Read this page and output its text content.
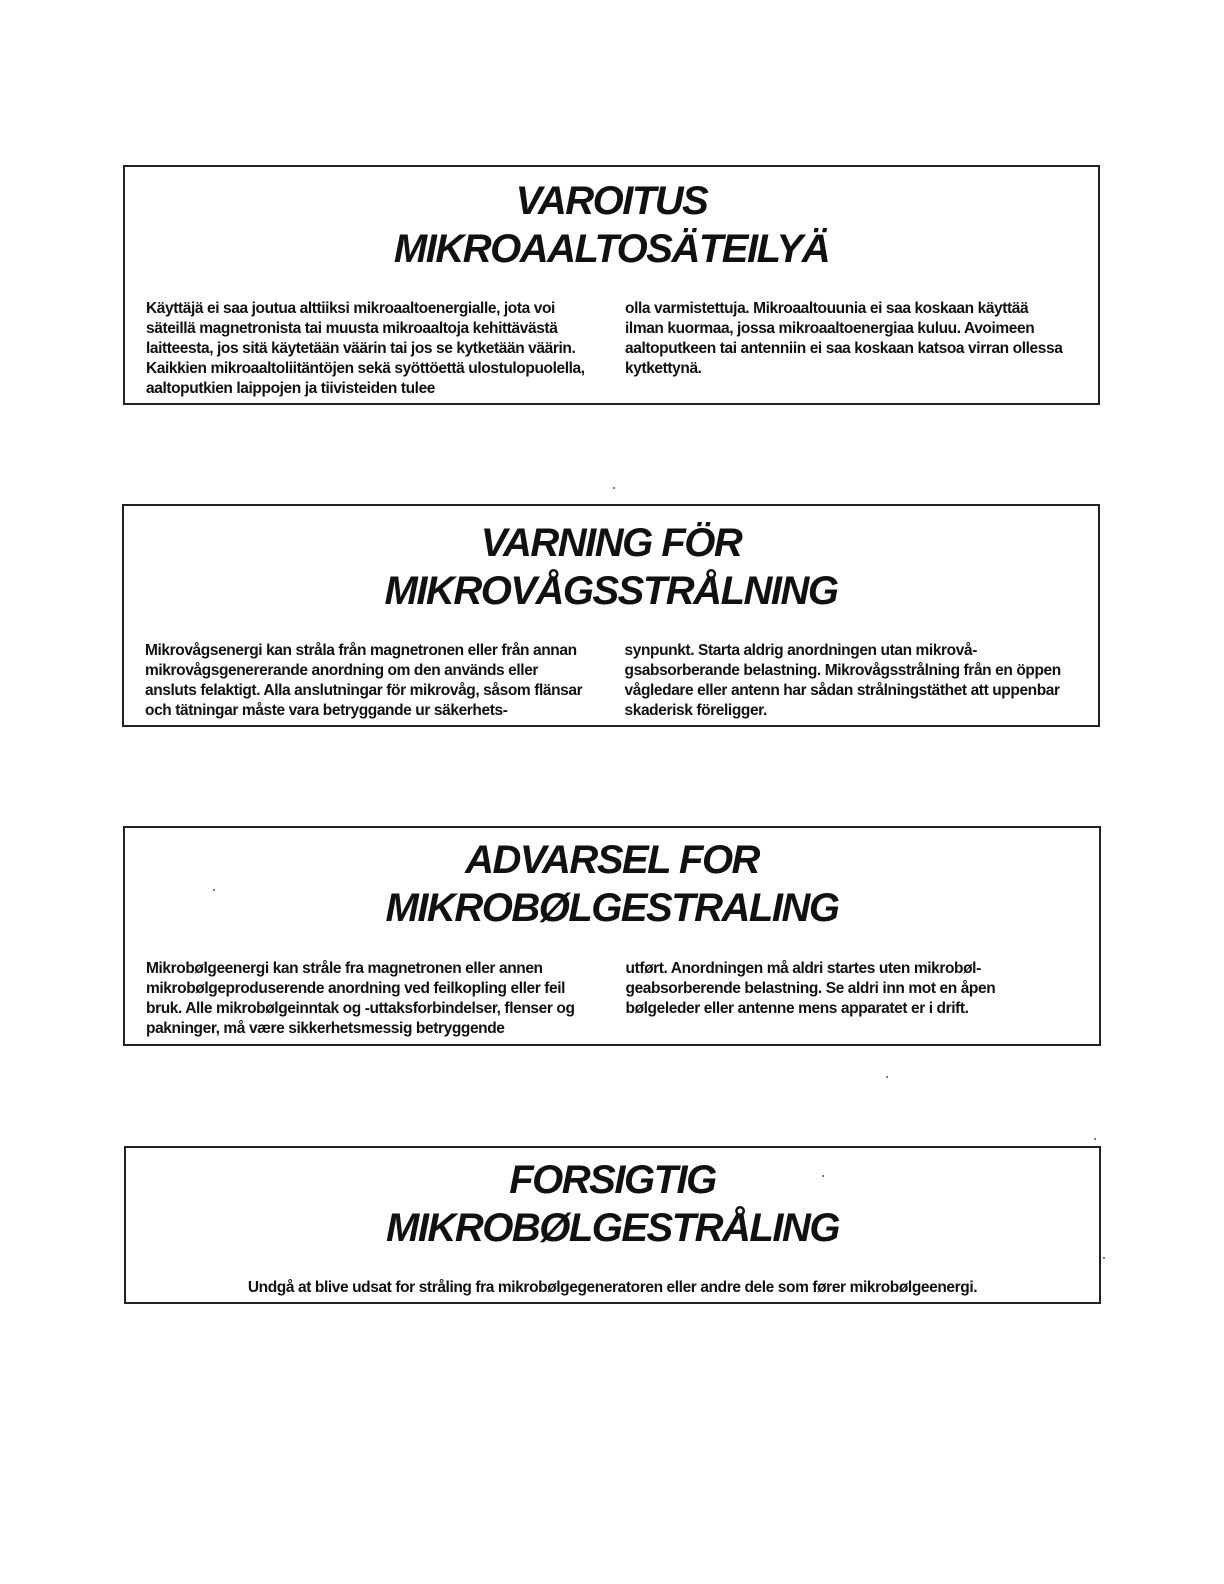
VAROITUS
MIKROAALTOSÄTEILYÄ

Käyttäjä ei saa joutua alttiiksi mikroaaltoenergialle, jota voi säteillä magnetronista tai muusta mikroaaltoja kehittävästä laitteesta, jos sitä käytetään väärin tai jos se kytketään väärin. Kaikkien mikroaaltoliitäntöjen sekä syöttöettä ulostulopuolella, aaltoputkien laippojen ja tiivisteiden tulee

olla varmistettuja. Mikroaaltouunia ei saa koskaan käyttää ilman kuormaa, jossa mikroaaltoenergiaa kuluu. Avoimeen aaltoputkeen tai antenniin ei saa koskaan katsoa virran ollessa kytkettynä.

VARNING FÖR
MIKROVÅGSSTRÅLNING

Mikrovågsenergi kan stråla från magnetronen eller från annan mikrovågsgenererande anordning om den används eller ansluts felaktigt. Alla anslutningar för mikrovåg, såsom flänsar och tätningar måste vara betryggande ur säkerhets-

synpunkt. Starta aldrig anordningen utan mikrovå-gsabsorberande belastning. Mikrovågsstrålning från en öppen vågledare eller antenn har sådan strålningstäthet att uppenbar skaderisk föreligger.

ADVARSEL FOR
MIKROBØLGESTRALING

Mikrobølgeenergi kan stråle fra magnetronen eller annen mikrobølgeproduserende anordning ved feilkopling eller feil bruk. Alle mikrobølgeinntak og -uttaksforbindelser, flenser og pakninger, må være sikkerhetsmessig betryggende

utført. Anordningen må aldri startes uten mikrobøl-geabsorberende belastning. Se aldri inn mot en åpen bølgeleder eller antenne mens apparatet er i drift.

FORSIGTIG
MIKROBØLGESTRÅLING

Undgå at blive udsat for stråling fra mikrobølgegeneratoren eller andre dele som fører mikrobølgeenergi.
